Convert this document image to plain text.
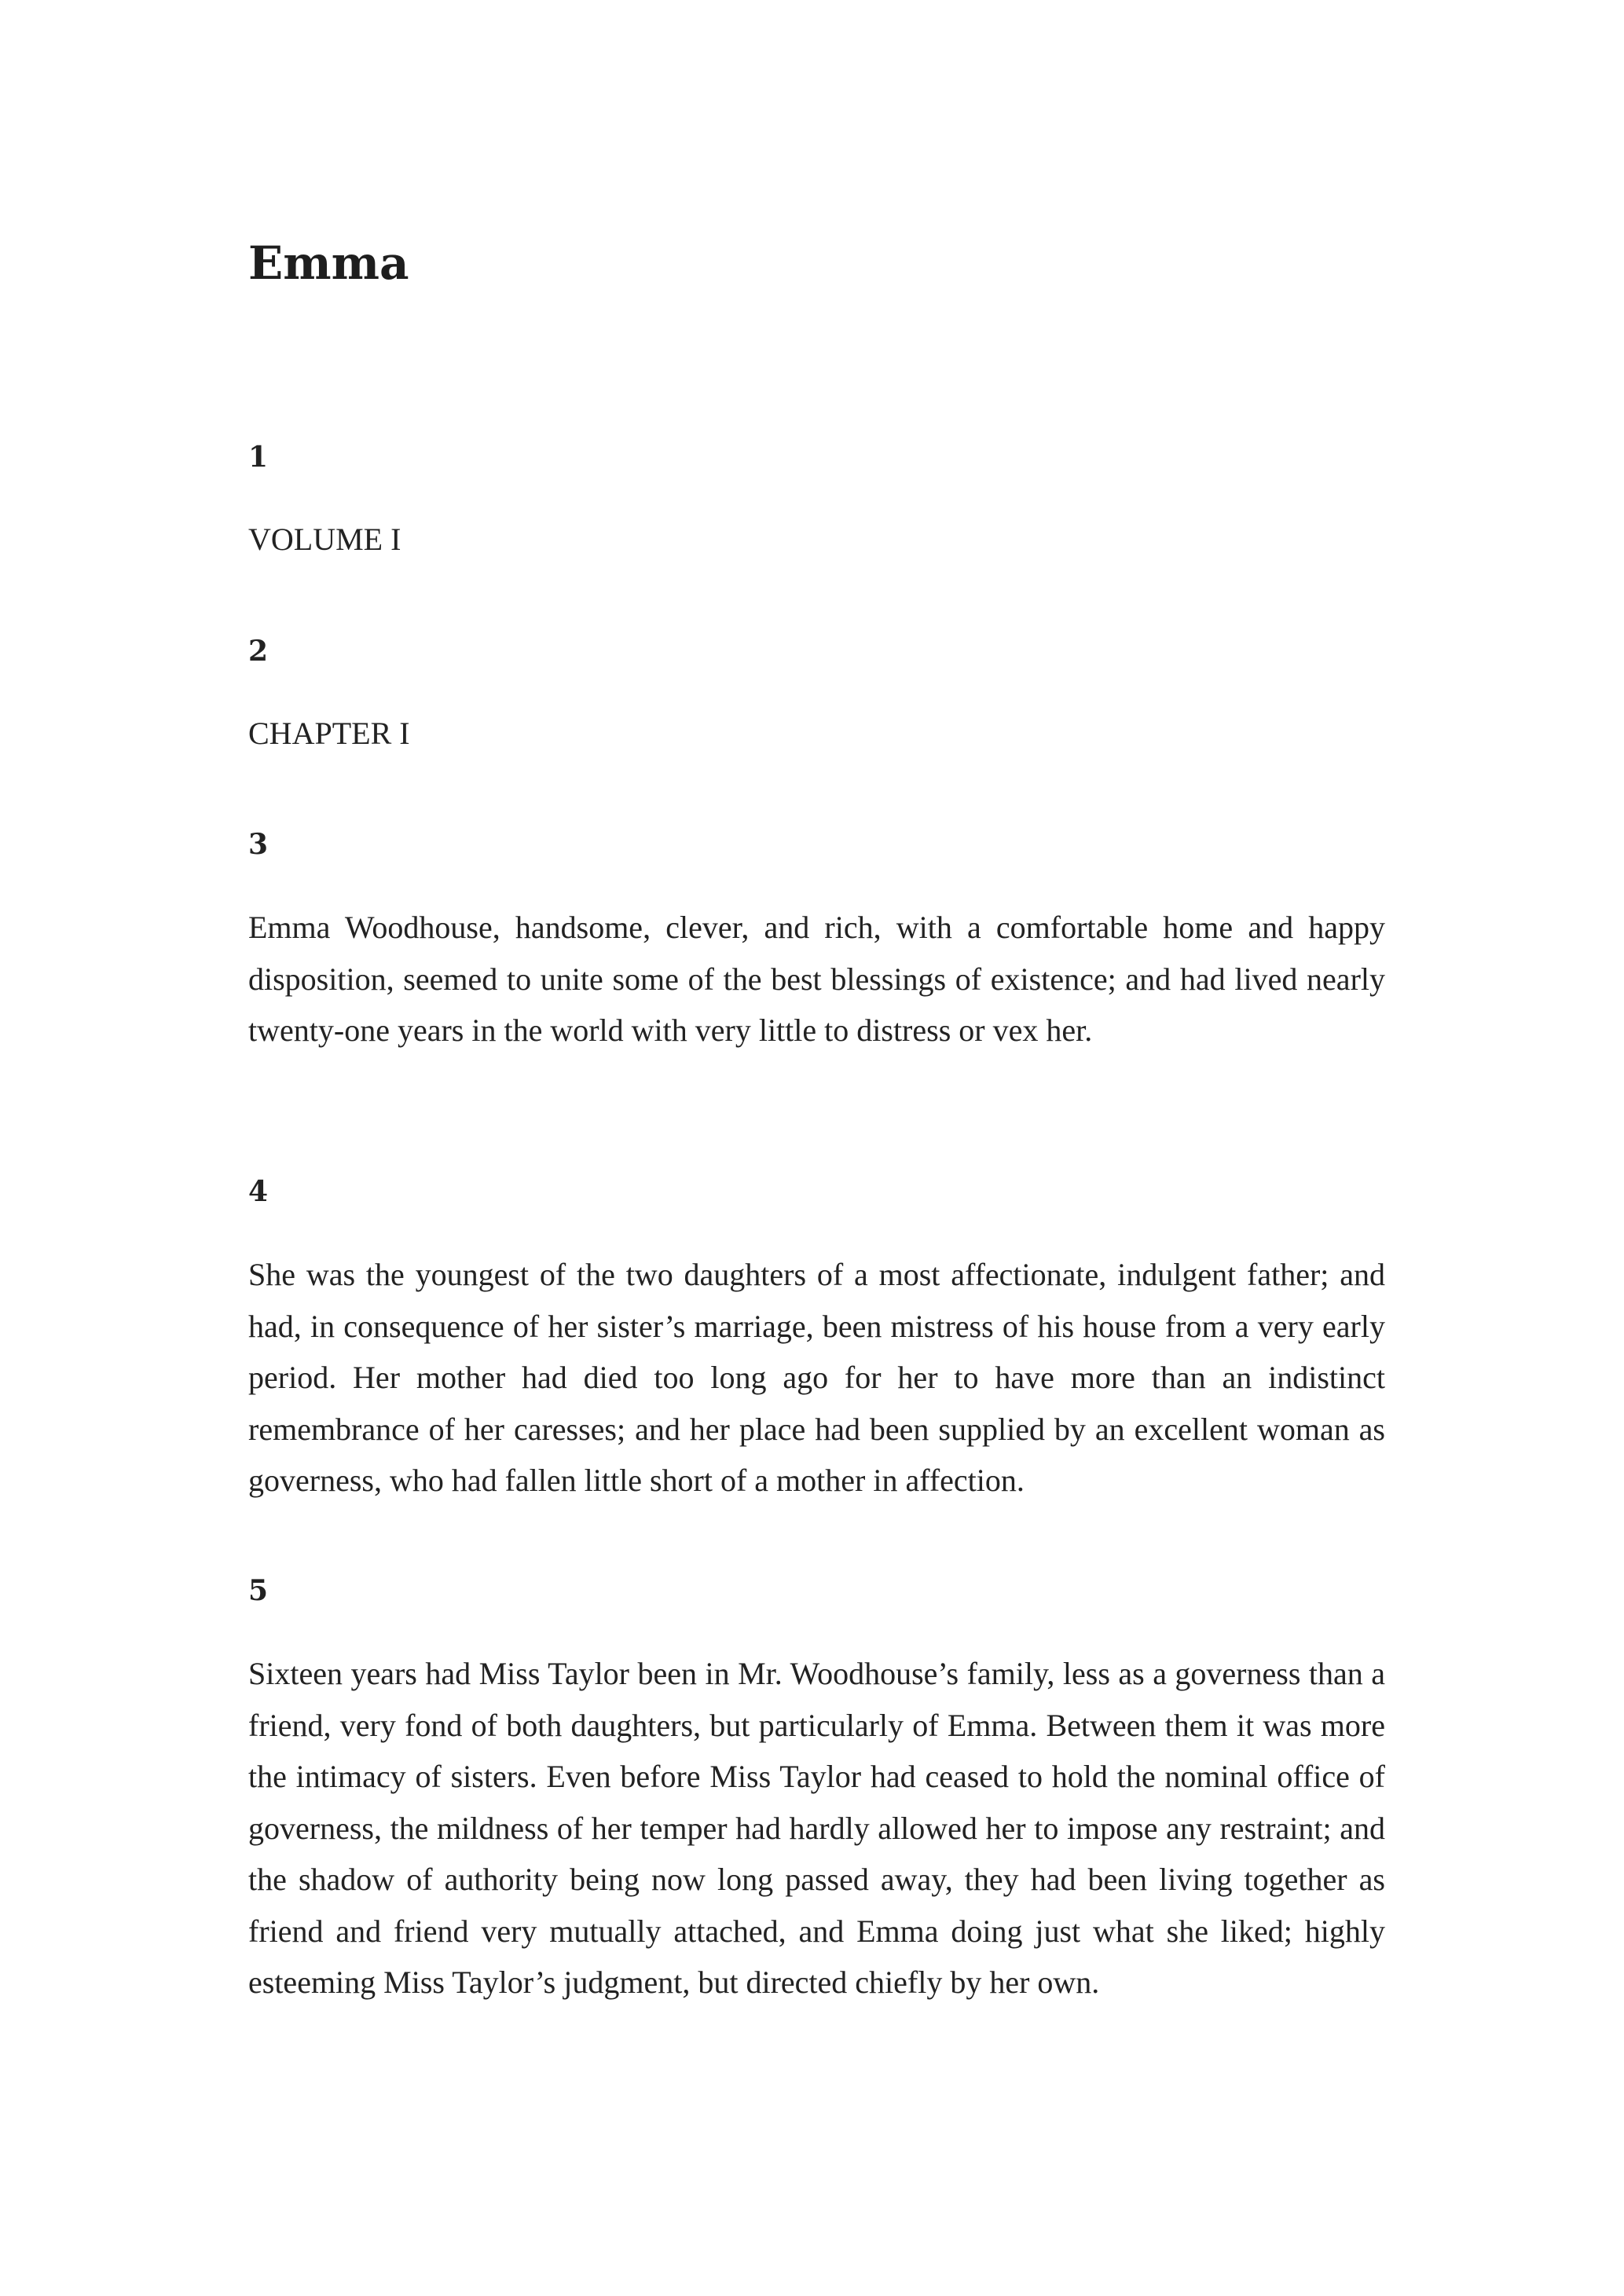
Emma
1
VOLUME I
2
CHAPTER I
3

Emma Woodhouse, handsome, clever, and rich, with a comfortable home and happy disposition, seemed to unite some of the best blessings of existence; and had lived nearly twenty-one years in the world with very little to distress or vex her.

4

She was the youngest of the two daughters of a most affectionate, indulgent father; and had, in consequence of her sister’s marriage, been mistress of his house from a very early period. Her mother had died too long ago for her to have more than an indistinct remembrance of her caresses; and her place had been supplied by an excellent woman as governess, who had fallen little short of a mother in affection.

5

Sixteen years had Miss Taylor been in Mr. Woodhouse’s family, less as a governess than a friend, very fond of both daughters, but particularly of Emma. Between them it was more the intimacy of sisters. Even before Miss Taylor had ceased to hold the nominal office of governess, the mildness of her temper had hardly allowed her to impose any restraint; and the shadow of authority being now long passed away, they had been living together as friend and friend very mutually attached, and Emma doing just what she liked; highly esteeming Miss Taylor’s judgment, but directed chiefly by her own.
